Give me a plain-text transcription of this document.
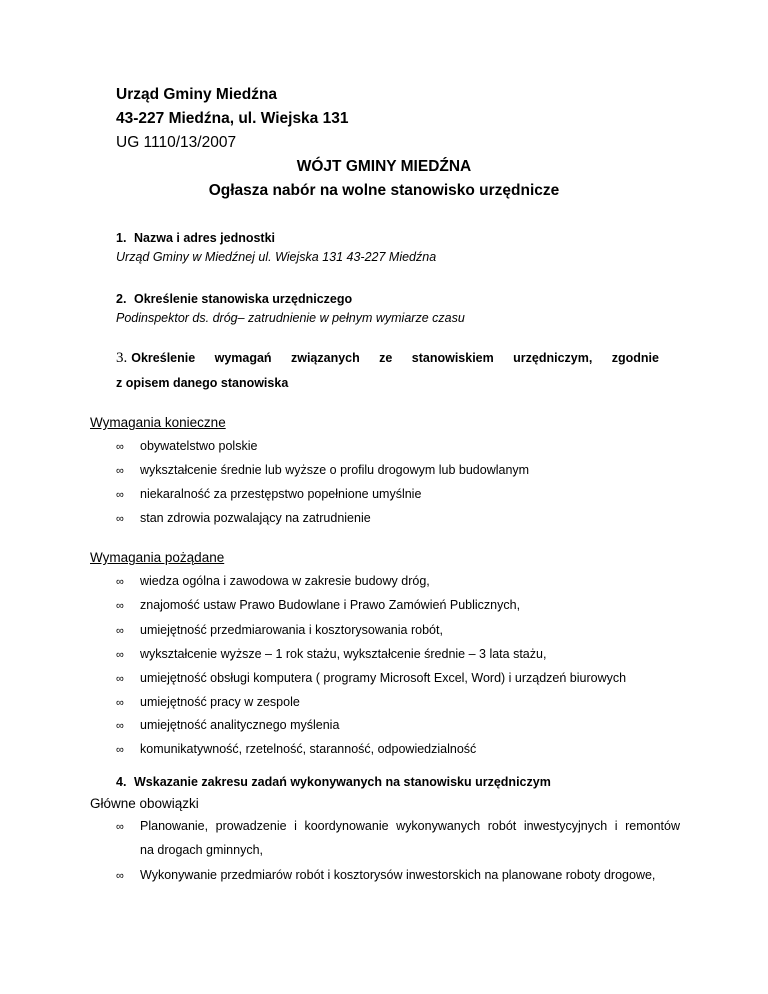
Urząd Gminy Miedźna
43-227 Miedźna, ul. Wiejska 131
UG 1110/13/2007
WÓJT GMINY MIEDŹNA
Ogłasza nabór na wolne stanowisko urzędnicze
1. Nazwa i adres jednostki
Urząd Gminy w Miedźnej ul. Wiejska 131 43-227 Miedźna
2. Określenie stanowiska urzędniczego
Podinspektor ds. dróg– zatrudnienie w pełnym wymiarze czasu
3. Określenie wymagań związanych ze stanowiskiem urzędniczym, zgodnie
z opisem danego stanowiska
Wymagania konieczne
∞ obywatelstwo polskie
∞ wykształcenie średnie lub wyższe o profilu drogowym lub budowlanym
∞ niekaralność za przestępstwo popełnione umyślnie
∞ stan zdrowia pozwalający na zatrudnienie
Wymagania pożądane
∞ wiedza ogólna i zawodowa w zakresie budowy dróg,
∞ znajomość ustaw Prawo Budowlane i Prawo Zamówień Publicznych,
∞ umiejętność przedmiarowania i kosztorysowania robót,
∞ wykształcenie wyższe – 1 rok stażu, wykształcenie średnie – 3 lata stażu,
∞ umiejętność obsługi komputera ( programy Microsoft Excel, Word) i urządzeń biurowych
∞ umiejętność pracy w zespole
∞ umiejętność analitycznego myślenia
∞ komunikatywność, rzetelność, staranność, odpowiedzialność
4. Wskazanie zakresu zadań wykonywanych na stanowisku urzędniczym
Główne obowiązki
∞ Planowanie, prowadzenie i koordynowanie wykonywanych robót inwestycyjnych i remontów
na drogach gminnych,
∞ Wykonywanie przedmiarów robót i kosztorysów inwestorskich na planowane roboty drogowe,
